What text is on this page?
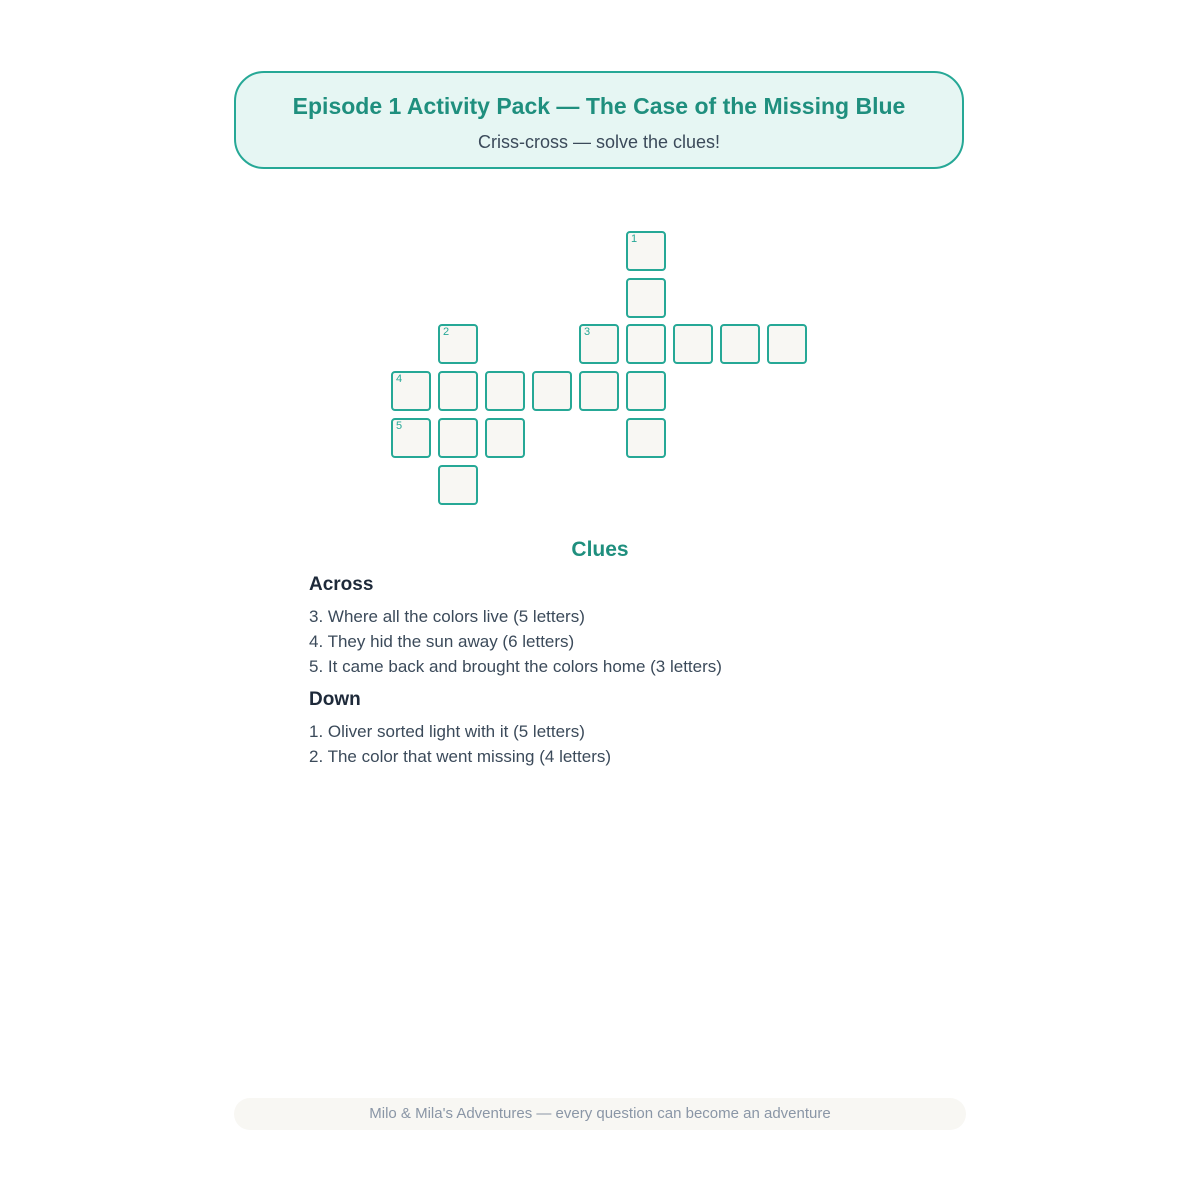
Episode 1 Activity Pack — The Case of the Missing Blue
Criss-cross — solve the clues!
1
2	3
4
5
Clues
Across
3. Where all the colors live (5 letters)
4. They hid the sun away (6 letters)
5. It came back and brought the colors home (3 letters)
Down
1. Oliver sorted light with it (5 letters)
2. The color that went missing (4 letters)
Milo & Mila's Adventures — every question can become an adventure
